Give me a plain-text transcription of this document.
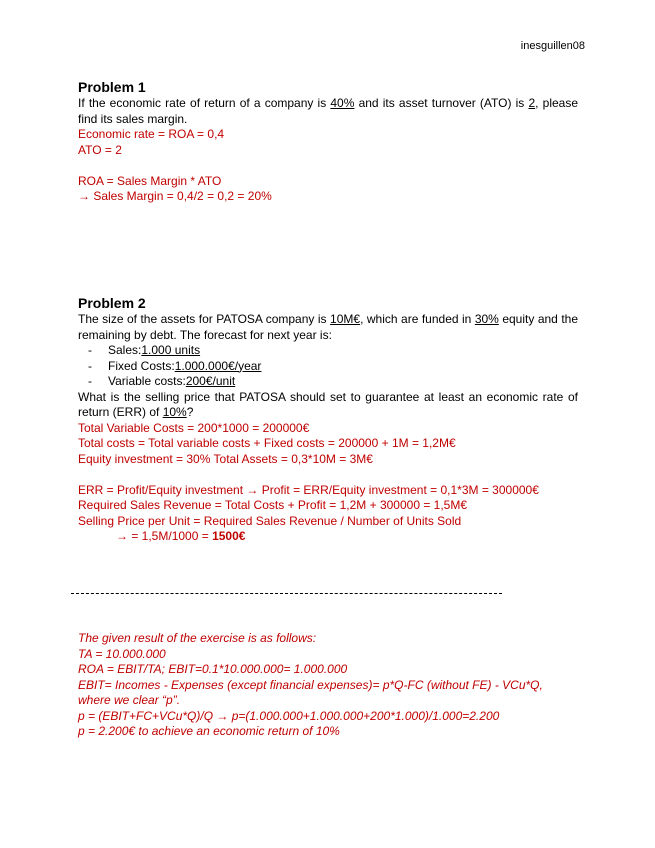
inesguillen08
Problem 1
If the economic rate of return of a company is 40% and its asset turnover (ATO) is 2, please find its sales margin.
Economic rate = ROA = 0,4
ATO = 2
ROA = Sales Margin * ATO
→ Sales Margin = 0,4/2 = 0,2 = 20%
Problem 2
The size of the assets for PATOSA company is 10M€, which are funded in 30% equity and the remaining by debt. The forecast for next year is:
-	Sales: 1.000 units
-	Fixed Costs: 1.000.000€/year
-	Variable costs: 200€/unit
What is the selling price that PATOSA should set to guarantee at least an economic rate of return (ERR) of 10%?
Total Variable Costs = 200*1000 = 200000€
Total costs = Total variable costs + Fixed costs = 200000 + 1M = 1,2M€
Equity investment = 30% Total Assets = 0,3*10M = 3M€
ERR = Profit/Equity investment → Profit = ERR/Equity investment = 0,1*3M = 300000€
Required Sales Revenue = Total Costs + Profit = 1,2M + 300000 = 1,5M€
Selling Price per Unit = Required Sales Revenue / Number of Units Sold
→ = 1,5M/1000 = 1500€
The given result of the exercise is as follows:
TA = 10.000.000
ROA = EBIT/TA; EBIT=0.1*10.000.000= 1.000.000
EBIT= Incomes - Expenses (except financial expenses)= p*Q-FC (without FE) - VCu*Q,
where we clear “p”.
p = (EBIT+FC+VCu*Q)/Q → p=(1.000.000+1.000.000+200*1.000)/1.000=2.200
p = 2.200€ to achieve an economic return of 10%
